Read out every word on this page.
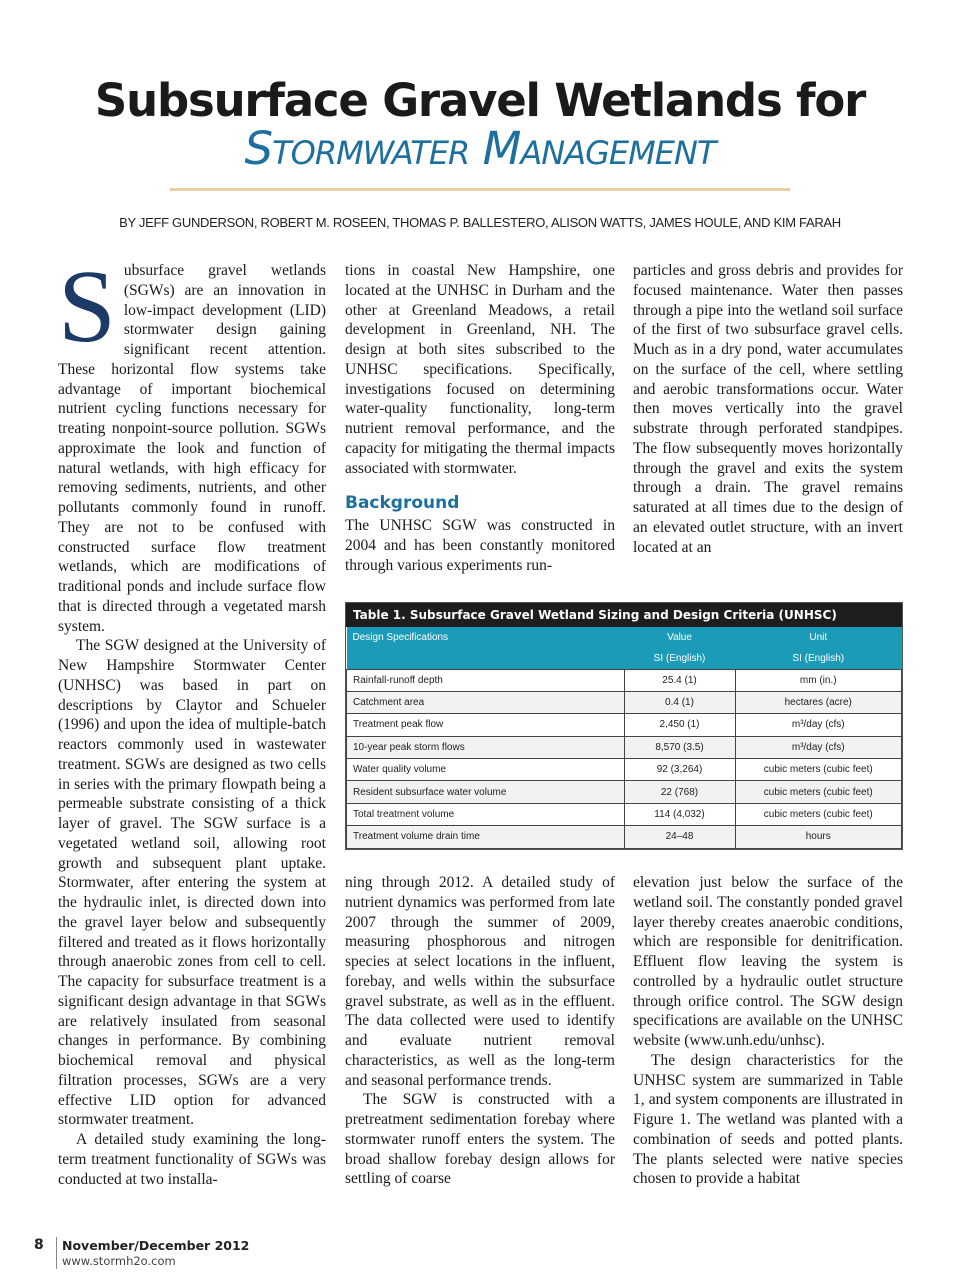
Subsurface Gravel Wetlands for
Stormwater Management
BY JEFF GUNDERSON, ROBERT M. ROSEEN, THOMAS P. BALLESTERO, ALISON WATTS, JAMES HOULE, AND KIM FARAH

Subsurface gravel wetlands (SGWs) are an innovation in low-impact development (LID) stormwater design gaining significant recent attention. These horizontal flow systems take advantage of important biochemical nutrient cycling functions necessary for treating nonpoint-source pollution. SGWs approximate the look and function of natural wetlands, with high efficacy for removing sediments, nutrients, and other pollutants commonly found in runoff. They are not to be confused with constructed surface flow treatment wetlands, which are modifications of traditional ponds and include surface flow that is directed through a vegetated marsh system.

The SGW designed at the University of New Hampshire Stormwater Center (UNHSC) was based in part on descriptions by Claytor and Schueler (1996) and upon the idea of multiple-batch reactors commonly used in wastewater treatment. SGWs are designed as two cells in series with the primary flowpath being a permeable substrate consisting of a thick layer of gravel. The SGW surface is a vegetated wetland soil, allowing root growth and subsequent plant uptake. Stormwater, after entering the system at the hydraulic inlet, is directed down into the gravel layer below and subsequently filtered and treated as it flows horizontally through anaerobic zones from cell to cell. The capacity for subsurface treatment is a significant design advantage in that SGWs are relatively insulated from seasonal changes in performance. By combining biochemical removal and physical filtration processes, SGWs are a very effective LID option for advanced stormwater treatment.

A detailed study examining the long-term treatment functionality of SGWs was conducted at two installa-

tions in coastal New Hampshire, one located at the UNHSC in Durham and the other at Greenland Meadows, a retail development in Greenland, NH. The design at both sites subscribed to the UNHSC specifications. Specifically, investigations focused on determining water-quality functionality, long-term nutrient removal performance, and the capacity for mitigating the thermal impacts associated with stormwater.

Background

The UNHSC SGW was constructed in 2004 and has been constantly monitored through various experiments run-

particles and gross debris and provides for focused maintenance. Water then passes through a pipe into the wetland soil surface of the first of two subsurface gravel cells. Much as in a dry pond, water accumulates on the surface of the cell, where settling and aerobic transformations occur. Water then moves vertically into the gravel substrate through perforated standpipes. The flow subsequently moves horizontally through the gravel and exits the system through a drain. The gravel remains saturated at all times due to the design of an elevated outlet structure, with an invert located at an

Table 1. Subsurface Gravel Wetland Sizing and Design Criteria (UNHSC)
Design Specifications	Value	Unit
	SI (English)	SI (English)
Rainfall-runoff depth	25.4 (1)	mm (in.)
Catchment area	0.4 (1)	hectares (acre)
Treatment peak flow	2,450 (1)	m³/day (cfs)
10-year peak storm flows	8,570 (3.5)	m³/day (cfs)
Water quality volume	92 (3,264)	cubic meters (cubic feet)
Resident subsurface water volume	22 (768)	cubic meters (cubic feet)
Total treatment volume	114 (4,032)	cubic meters (cubic feet)
Treatment volume drain time	24–48	hours

ning through 2012. A detailed study of nutrient dynamics was performed from late 2007 through the summer of 2009, measuring phosphorous and nitrogen species at select locations in the influent, forebay, and wells within the subsurface gravel substrate, as well as in the effluent. The data collected were used to identify and evaluate nutrient removal characteristics, as well as the long-term and seasonal performance trends.

The SGW is constructed with a pretreatment sedimentation forebay where stormwater runoff enters the system. The broad shallow forebay design allows for settling of coarse

elevation just below the surface of the wetland soil. The constantly ponded gravel layer thereby creates anaerobic conditions, which are responsible for denitrification. Effluent flow leaving the system is controlled by a hydraulic outlet structure through orifice control. The SGW design specifications are available on the UNHSC website (www.unh.edu/unhsc).

The design characteristics for the UNHSC system are summarized in Table 1, and system components are illustrated in Figure 1. The wetland was planted with a combination of seeds and potted plants. The plants selected were native species chosen to provide a habitat

8 November/December 2012
www.stormh2o.com
